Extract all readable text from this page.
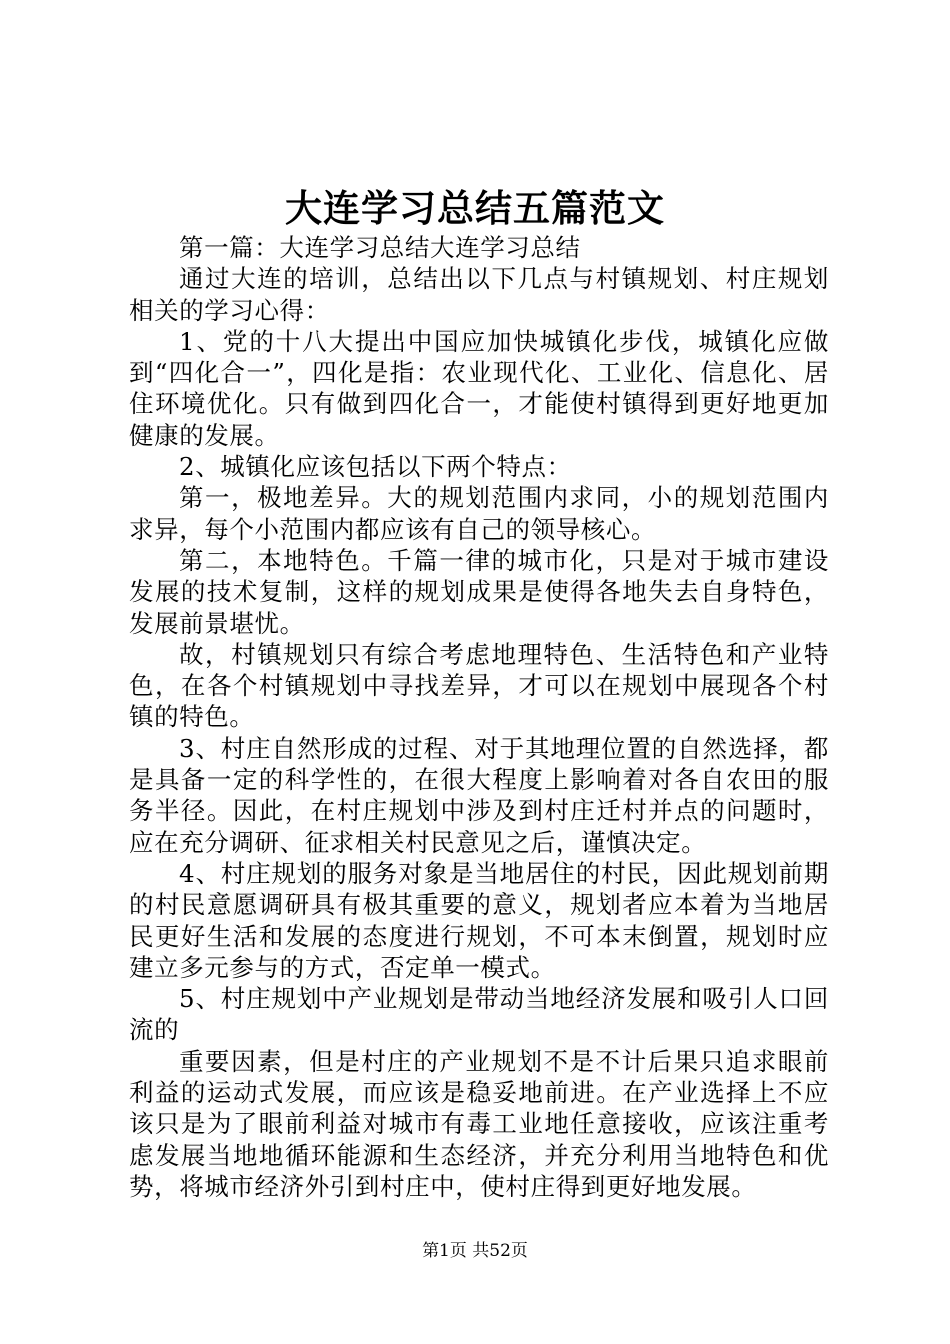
大连学习总结五篇范文

第一篇：大连学习总结大连学习总结

通过大连的培训，总结出以下几点与村镇规划、村庄规划相关的学习心得：

1、党的十八大提出中国应加快城镇化步伐，城镇化应做到“四化合一”，四化是指：农业现代化、工业化、信息化、居住环境优化。只有做到四化合一，才能使村镇得到更好地更加健康的发展。

2、城镇化应该包括以下两个特点：

第一，极地差异。大的规划范围内求同，小的规划范围内求异，每个小范围内都应该有自己的领导核心。

第二，本地特色。千篇一律的城市化，只是对于城市建设发展的技术复制，这样的规划成果是使得各地失去自身特色，发展前景堪忧。

故，村镇规划只有综合考虑地理特色、生活特色和产业特色，在各个村镇规划中寻找差异，才可以在规划中展现各个村镇的特色。

3、村庄自然形成的过程、对于其地理位置的自然选择，都是具备一定的科学性的，在很大程度上影响着对各自农田的服务半径。因此，在村庄规划中涉及到村庄迁村并点的问题时，应在充分调研、征求相关村民意见之后，谨慎决定。

4、村庄规划的服务对象是当地居住的村民，因此规划前期的村民意愿调研具有极其重要的意义，规划者应本着为当地居民更好生活和发展的态度进行规划，不可本末倒置，规划时应建立多元参与的方式，否定单一模式。

5、村庄规划中产业规划是带动当地经济发展和吸引人口回流的

重要因素，但是村庄的产业规划不是不计后果只追求眼前利益的运动式发展，而应该是稳妥地前进。在产业选择上不应该只是为了眼前利益对城市有毒工业地任意接收，应该注重考虑发展当地地循环能源和生态经济，并充分利用当地特色和优势，将城市经济外引到村庄中，使村庄得到更好地发展。

第1页 共52页
